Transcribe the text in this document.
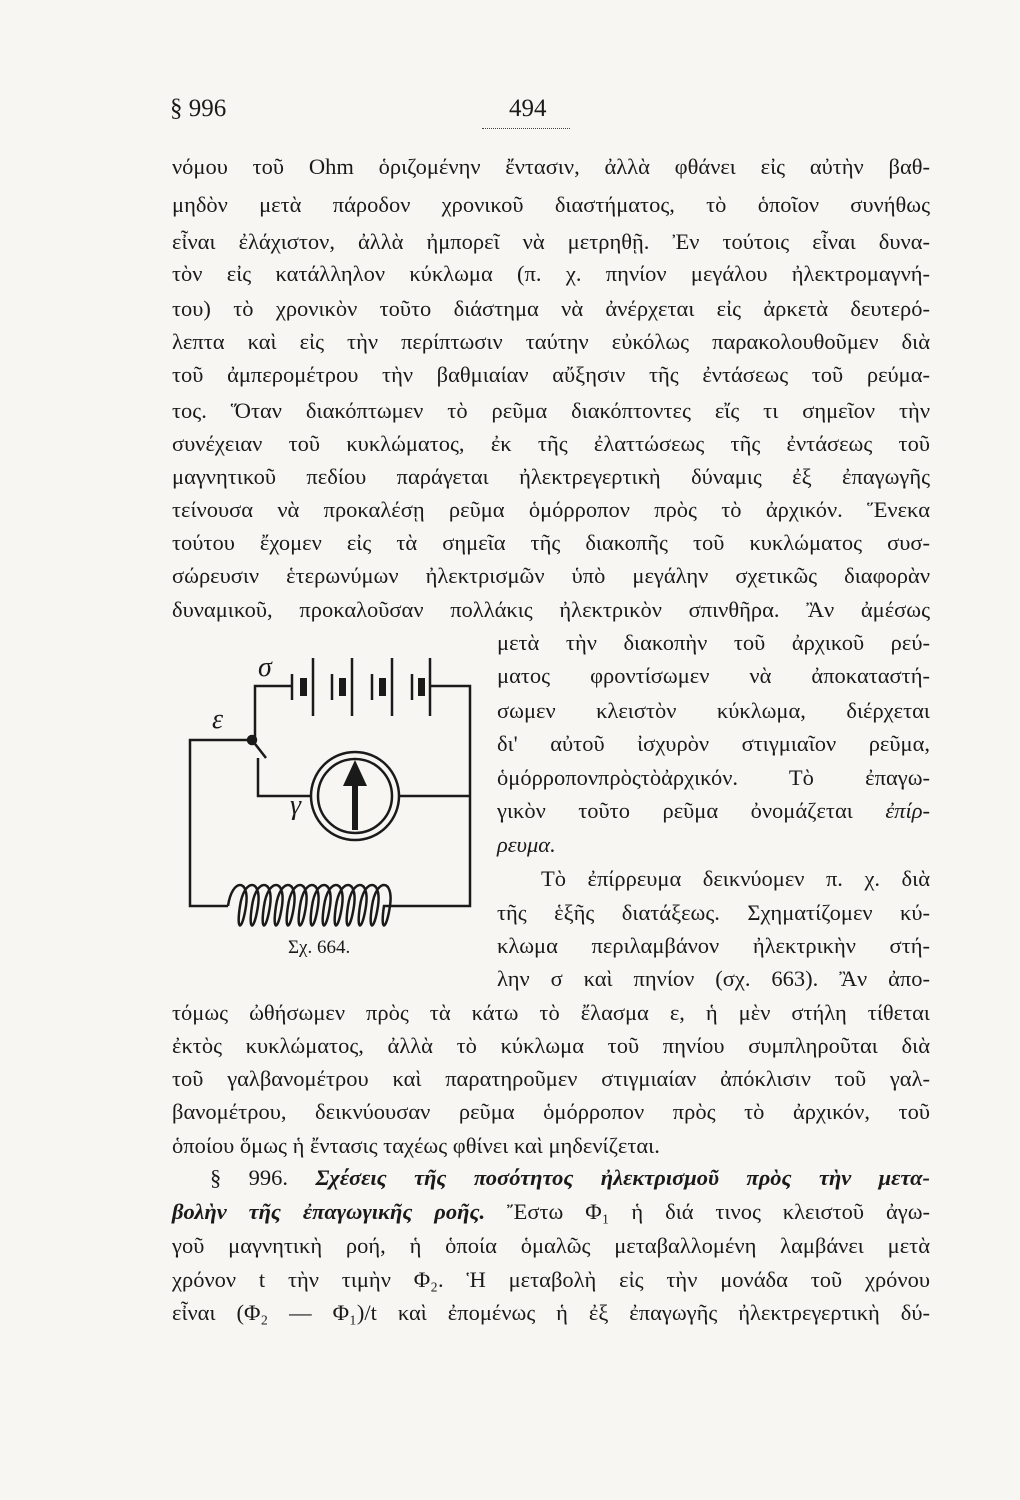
§ 996	494
νόμου τοῦ Ohm ὁριζομένην ἔντασιν, ἀλλὰ φθάνει εἰς αὐτὴν βαθ-
μηδὸν μετὰ πάροδον χρονικοῦ διαστήματος, τὸ ὁποῖον συνήθως
εἶναι ἐλάχιστον, ἀλλὰ ἠμπορεῖ νὰ μετρηθῇ. Ἐν τούτοις εἶναι δυνα-
τὸν εἰς κατάλληλον κύκλωμα (π. χ. πηνίον μεγάλου ἠλεκτρομαγνή-
του) τὸ χρονικὸν τοῦτο διάστημα νὰ ἀνέρχεται εἰς ἀρκετὰ δευτερό-
λεπτα καὶ εἰς τὴν περίπτωσιν ταύτην εὐκόλως παρακολουθοῦμεν διὰ
τοῦ ἀμπερομέτρου τὴν βαθμιαίαν αὔξησιν τῆς ἐντάσεως τοῦ ρεύμα-
τος. Ὅταν διακόπτωμεν τὸ ρεῦμα διακόπτοντες εἴς τι σημεῖον τὴν
συνέχειαν τοῦ κυκλώματος, ἐκ τῆς ἐλαττώσεως τῆς ἐντάσεως τοῦ
μαγνητικοῦ πεδίου παράγεται ἠλεκτρεγερτικὴ δύναμις ἐξ ἐπαγωγῆς
τείνουσα νὰ προκαλέσῃ ρεῦμα ὁμόρροπον πρὸς τὸ ἀρχικόν. Ἕνεκα
τούτου ἔχομεν εἰς τὰ σημεῖα τῆς διακοπῆς τοῦ κυκλώματος συσ-
σώρευσιν ἑτερωνύμων ἠλεκτρισμῶν ὑπὸ μεγάλην σχετικῶς διαφορὰν
δυναμικοῦ, προκαλοῦσαν πολλάκις ἠλεκτρικὸν σπινθῆρα. Ἂν ἀμέσως
μετὰ τὴν διακοπὴν τοῦ ἀρχικοῦ ρεύ-
ματος φροντίσωμεν νὰ ἀποκαταστή-
σωμεν κλειστὸν κύκλωμα, διέρχεται
δι' αὐτοῦ ἰσχυρὸν στιγμιαῖον ρεῦμα,
ὁμόρροπονπρὸςτὸἀρχικόν. Τὸ ἐπαγω-
γικὸν τοῦτο ρεῦμα ὀνομάζεται ἐπίρ-
ρευμα.
Τὸ ἐπίρρευμα δεικνύομεν π. χ. διὰ
τῆς ἑξῆς διατάξεως. Σχηματίζομεν κύ-
κλωμα περιλαμβάνον ἠλεκτρικὴν στή-
λην σ καὶ πηνίον (σχ. 663). Ἂν ἀπο-
σ
ε
γ
Σχ. 664.
τόμως ὠθήσωμεν πρὸς τὰ κάτω τὸ ἔλασμα ε, ἡ μὲν στήλη τίθεται
ἐκτὸς κυκλώματος, ἀλλὰ τὸ κύκλωμα τοῦ πηνίου συμπληροῦται διὰ
τοῦ γαλβανομέτρου καὶ παρατηροῦμεν στιγμιαίαν ἀπόκλισιν τοῦ γαλ-
βανομέτρου, δεικνύουσαν ρεῦμα ὁμόρροπον πρὸς τὸ ἀρχικόν, τοῦ
ὁποίου ὅμως ἡ ἔντασις ταχέως φθίνει καὶ μηδενίζεται.
§ 996. Σχέσεις τῆς ποσότητος ἠλεκτρισμοῦ πρὸς τὴν μετα-
βολὴν τῆς ἐπαγωγικῆς ροῆς. Ἔστω Φ₁ ἡ διά τινος κλειστοῦ ἀγω-
γοῦ μαγνητικὴ ροή, ἡ ὁποία ὁμαλῶς μεταβαλλομένη λαμβάνει μετὰ
χρόνον t τὴν τιμὴν Φ₂. Ἡ μεταβολὴ εἰς τὴν μονάδα τοῦ χρόνου
εἶναι (Φ₂ — Φ₁)/t καὶ ἐπομένως ἡ ἐξ ἐπαγωγῆς ἠλεκτρεγερτικὴ δύ-
